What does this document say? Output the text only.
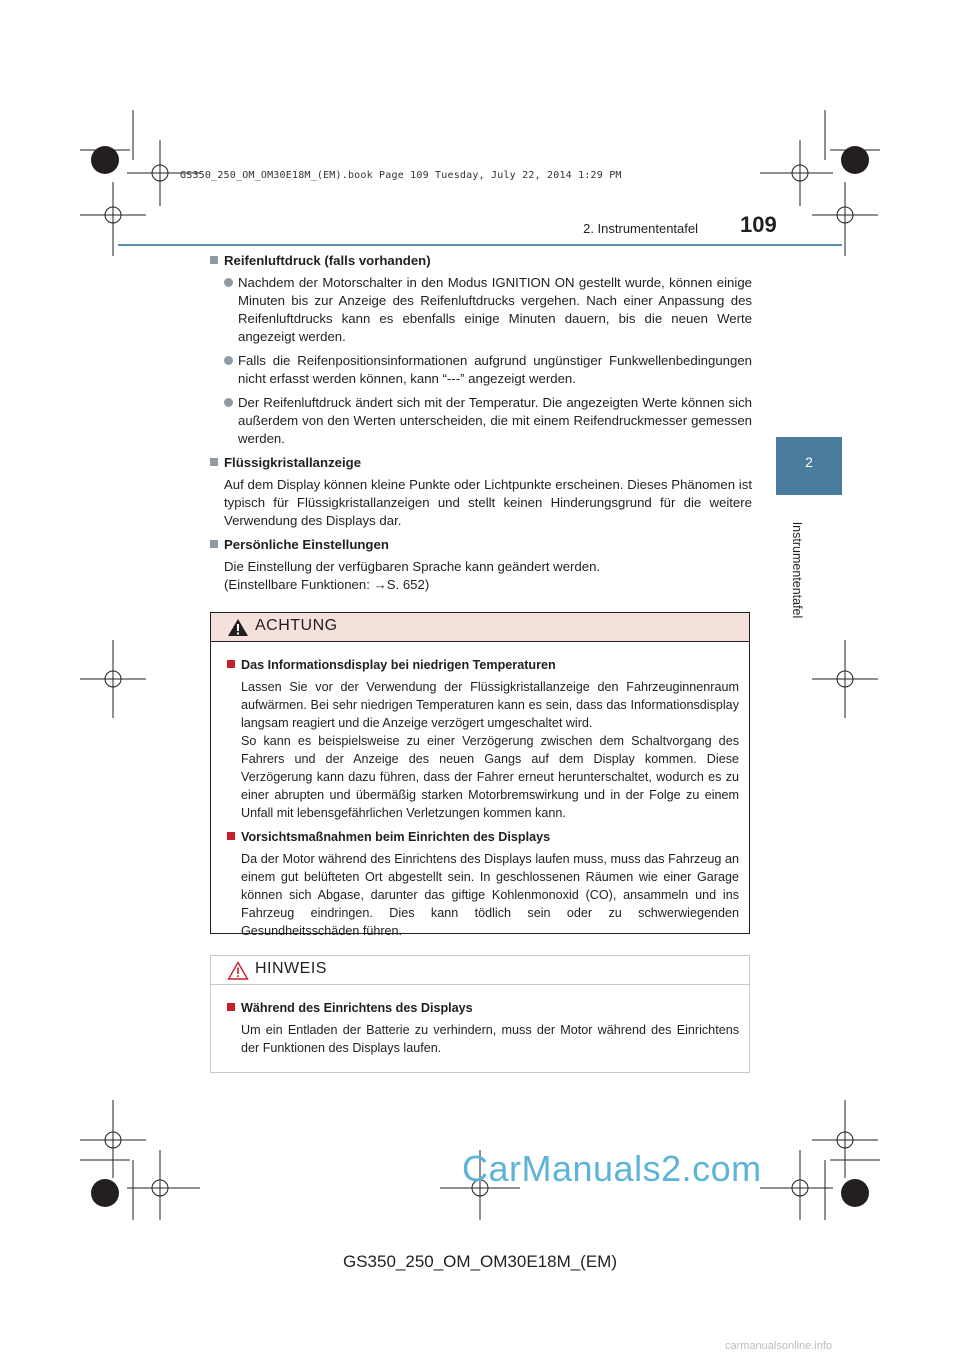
GS350_250_OM_OM30E18M_(EM).book Page 109 Tuesday, July 22, 2014 1:29 PM
2. Instrumententafel 109
2
Instrumententafel
Reifenluftdruck (falls vorhanden)
Nachdem der Motorschalter in den Modus IGNITION ON gestellt wurde, können einige Minuten bis zur Anzeige des Reifenluftdrucks vergehen. Nach einer Anpassung des Reifenluftdrucks kann es ebenfalls einige Minuten dauern, bis die neuen Werte angezeigt werden.
Falls die Reifenpositionsinformationen aufgrund ungünstiger Funkwellenbedingungen nicht erfasst werden können, kann “---” angezeigt werden.
Der Reifenluftdruck ändert sich mit der Temperatur. Die angezeigten Werte können sich außerdem von den Werten unterscheiden, die mit einem Reifendruckmesser gemessen werden.
Flüssigkristallanzeige
Auf dem Display können kleine Punkte oder Lichtpunkte erscheinen. Dieses Phänomen ist typisch für Flüssigkristallanzeigen und stellt keinen Hinderungsgrund für die weitere Verwendung des Displays dar.
Persönliche Einstellungen
Die Einstellung der verfügbaren Sprache kann geändert werden.
(Einstellbare Funktionen: →S. 652)
ACHTUNG
Das Informationsdisplay bei niedrigen Temperaturen
Lassen Sie vor der Verwendung der Flüssigkristallanzeige den Fahrzeuginnenraum aufwärmen. Bei sehr niedrigen Temperaturen kann es sein, dass das Informationsdisplay langsam reagiert und die Anzeige verzögert umgeschaltet wird.
So kann es beispielsweise zu einer Verzögerung zwischen dem Schaltvorgang des Fahrers und der Anzeige des neuen Gangs auf dem Display kommen. Diese Verzögerung kann dazu führen, dass der Fahrer erneut herunterschaltet, wodurch es zu einer abrupten und übermäßig starken Motorbremswirkung und in der Folge zu einem Unfall mit lebensgefährlichen Verletzungen kommen kann.
Vorsichtsmaßnahmen beim Einrichten des Displays
Da der Motor während des Einrichtens des Displays laufen muss, muss das Fahrzeug an einem gut belüfteten Ort abgestellt sein. In geschlossenen Räumen wie einer Garage können sich Abgase, darunter das giftige Kohlenmonoxid (CO), ansammeln und ins Fahrzeug eindringen. Dies kann tödlich sein oder zu schwerwiegenden Gesundheitsschäden führen.
HINWEIS
Während des Einrichtens des Displays
Um ein Entladen der Batterie zu verhindern, muss der Motor während des Einrichtens der Funktionen des Displays laufen.
CarManuals2.com
GS350_250_OM_OM30E18M_(EM)
carmanualsonline.info
